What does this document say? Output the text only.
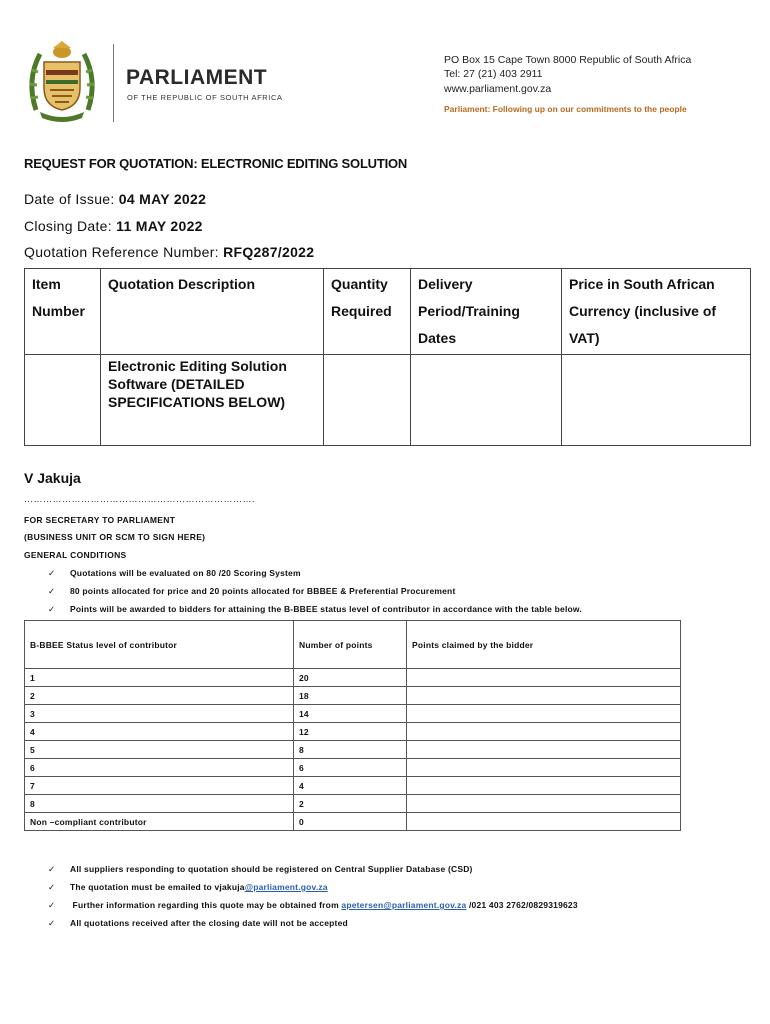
PARLIAMENT
OF THE REPUBLIC OF SOUTH AFRICA
PO Box 15 Cape Town 8000 Republic of South Africa
Tel: 27 (21) 403 2911
www.parliament.gov.za
Parliament: Following up on our commitments to the people
REQUEST FOR QUOTATION: ELECTRONIC EDITING SOLUTION
Date of Issue: 04 MAY 2022
Closing Date: 11 MAY 2022
Quotation Reference Number: RFQ287/2022
Item Number	Quotation Description	Quantity Required	Delivery Period/Training Dates	Price in South African Currency (inclusive of VAT)
	Electronic Editing Solution Software (DETAILED SPECIFICATIONS BELOW)			
V Jakuja
……………………………………………………………….
FOR SECRETARY TO PARLIAMENT
(BUSINESS UNIT OR SCM TO SIGN HERE)
GENERAL CONDITIONS
✓ Quotations will be evaluated on 80 /20 Scoring System
✓ 80 points allocated for price and 20 points allocated for BBBEE & Preferential Procurement
✓ Points will be awarded to bidders for attaining the B-BBEE status level of contributor in accordance with the table below.
B-BBEE Status level of contributor	Number of points	Points claimed by the bidder
1	20	
2	18	
3	14	
4	12	
5	8	
6	6	
7	4	
8	2	
Non –compliant contributor	0	
✓ All suppliers responding to quotation should be registered on Central Supplier Database (CSD)
✓ The quotation must be emailed to vjakuja@parliament.gov.za
✓ Further information regarding this quote may be obtained from apetersen@parliament.gov.za /021 403 2762/0829319623
✓ All quotations received after the closing date will not be accepted
